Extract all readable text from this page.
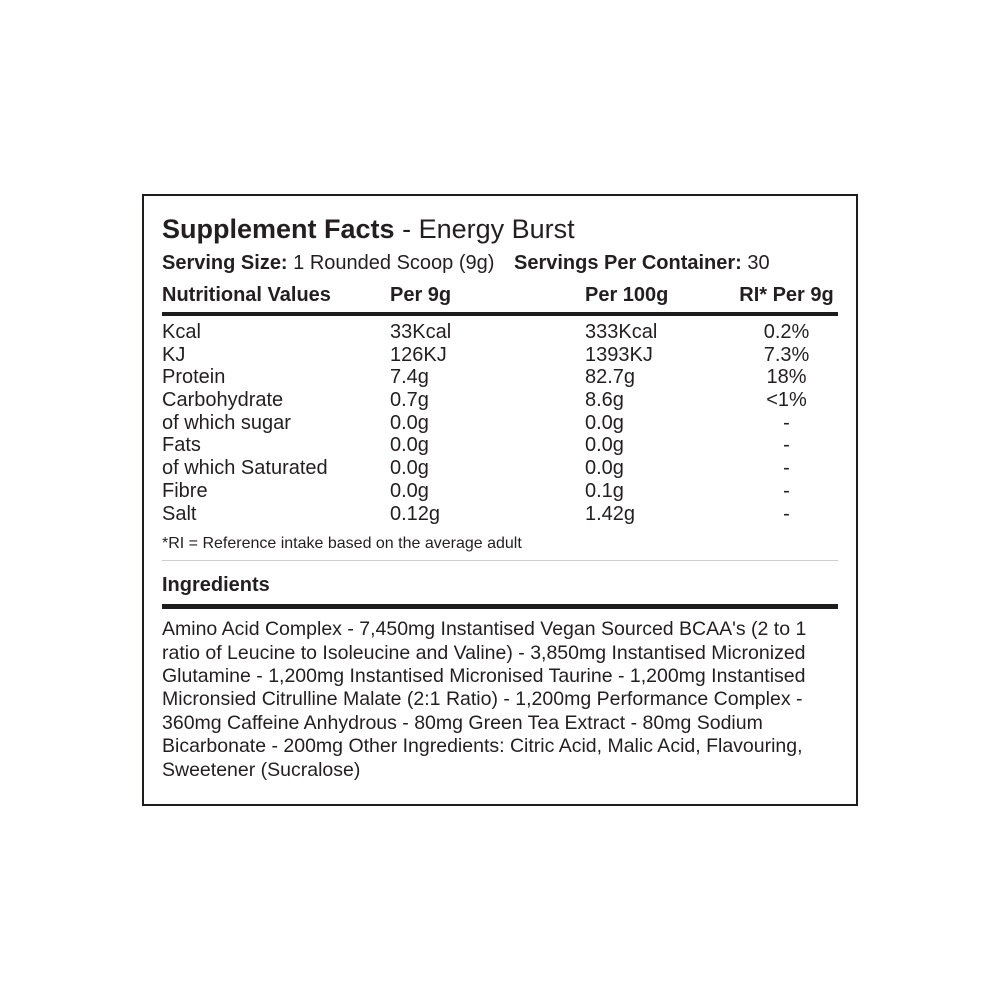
Supplement Facts - Energy Burst
Serving Size: 1 Rounded Scoop (9g) Servings Per Container: 30
Nutritional Values	Per 9g	Per 100g	RI* Per 9g
Kcal	33Kcal	333Kcal	0.2%
KJ	126KJ	1393KJ	7.3%
Protein	7.4g	82.7g	18%
Carbohydrate	0.7g	8.6g	<1%
of which sugar	0.0g	0.0g	-
Fats	0.0g	0.0g	-
of which Saturated	0.0g	0.0g	-
Fibre	0.0g	0.1g	-
Salt	0.12g	1.42g	-
*RI = Reference intake based on the average adult
Ingredients
Amino Acid Complex - 7,450mg Instantised Vegan Sourced BCAA's (2 to 1 ratio of Leucine to Isoleucine and Valine) - 3,850mg Instantised Micronized Glutamine - 1,200mg Instantised Micronised Taurine - 1,200mg Instantised Micronsied Citrulline Malate (2:1 Ratio) - 1,200mg Performance Complex - 360mg Caffeine Anhydrous - 80mg Green Tea Extract - 80mg Sodium Bicarbonate - 200mg Other Ingredients: Citric Acid, Malic Acid, Flavouring, Sweetener (Sucralose)
